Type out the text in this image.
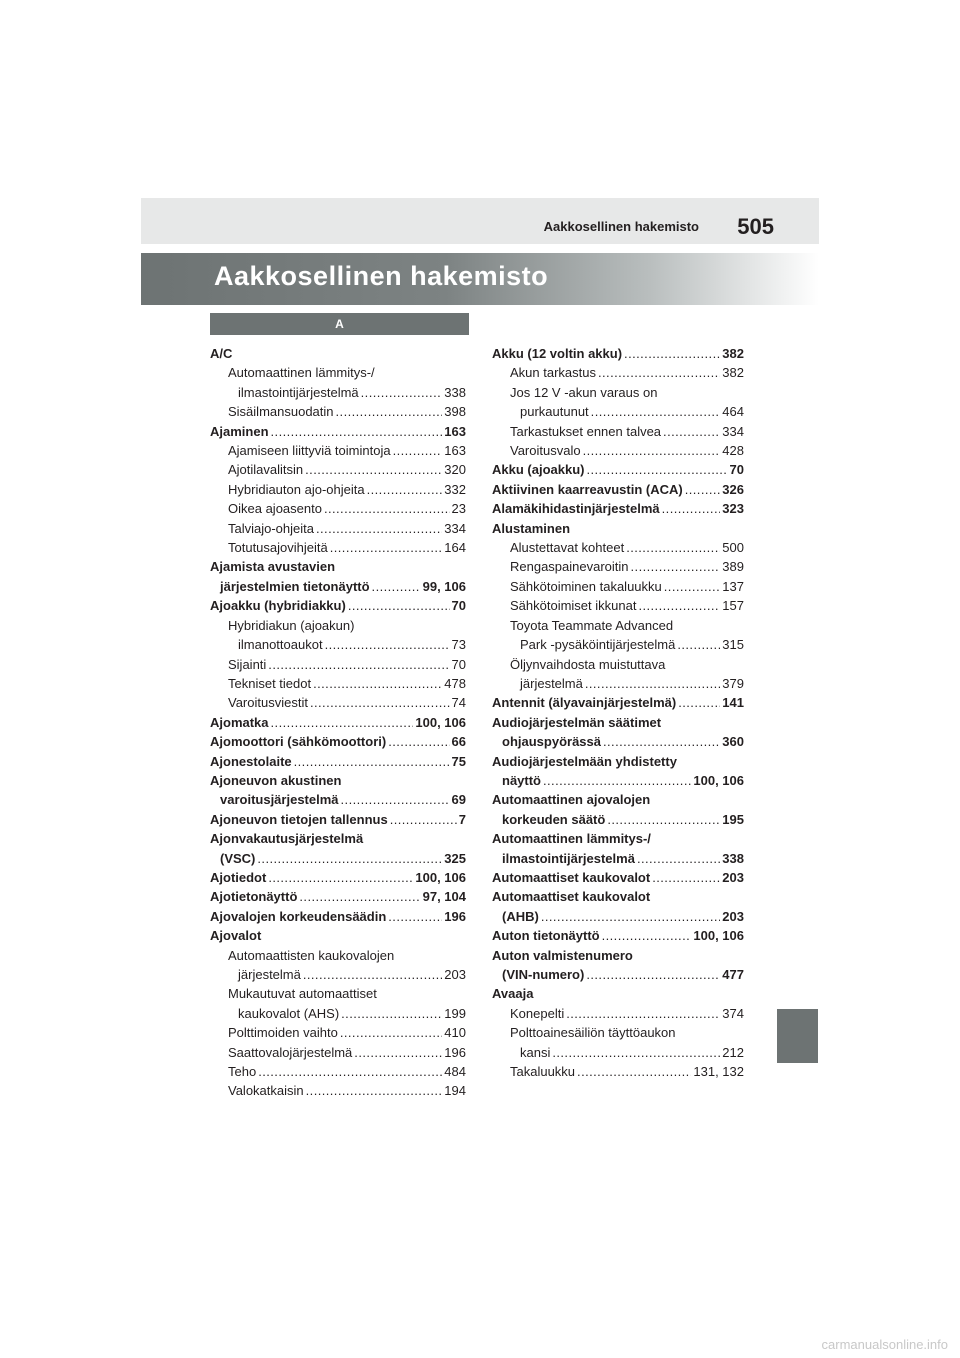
Aakkosellinen hakemisto 505
Aakkosellinen hakemisto
A
A/C
Automaattinen lämmitys-/
ilmastointijärjestelmä . . .	338
Sisäilmansuodatin . . .	398
Ajaminen . . .	163
Ajamiseen liittyviä toimintoja . . .	163
Ajotilavalitsin . . .	320
Hybridiauton ajo-ohjeita . . .	332
Oikea ajoasento . . .	23
Talviajo-ohjeita . . .	334
Totutusajovihjeitä . . .	164
Ajamista avustavien
järjestelmien tietonäyttö . . .	99, 106
Ajoakku (hybridiakku) . . .	70
Hybridiakun (ajoakun)
ilmanottoaukot . . .	73
Sijainti . . .	70
Tekniset tiedot . . .	478
Varoitusviestit . . .	74
Ajomatka . . .	100, 106
Ajomoottori (sähkömoottori) . . .	66
Ajonestolaite . . .	75
Ajoneuvon akustinen
varoitusjärjestelmä . . .	69
Ajoneuvon tietojen tallennus . . .	7
Ajonvakautusjärjestelmä
(VSC) . . .	325
Ajotiedot . . .	100, 106
Ajotietonäyttö . . .	97, 104
Ajovalojen korkeudensäädin . . .	196
Ajovalot
Automaattisten kaukovalojen
järjestelmä . . .	203
Mukautuvat automaattiset
kaukovalot (AHS) . . .	199
Polttimoiden vaihto . . .	410
Saattovalojärjestelmä . . .	196
Teho . . .	484
Valokatkaisin . . .	194
Akku (12 voltin akku) . . .	382
Akun tarkastus . . .	382
Jos 12 V -akun varaus on
purkautunut . . .	464
Tarkastukset ennen talvea . . .	334
Varoitusvalo . . .	428
Akku (ajoakku) . . .	70
Aktiivinen kaarreavustin (ACA) . . .	326
Alamäkihidastinjärjestelmä . . .	323
Alustaminen
Alustettavat kohteet . . .	500
Rengaspainevaroitin . . .	389
Sähkötoiminen takaluukku . . .	137
Sähkötoimiset ikkunat . . .	157
Toyota Teammate Advanced
Park -pysäköintijärjestelmä . . .	315
Öljynvaihdosta muistuttava
järjestelmä . . .	379
Antennit (älyavainjärjestelmä) . . .	141
Audiojärjestelmän säätimet
ohjauspyörässä . . .	360
Audiojärjestelmään yhdistetty
näyttö . . .	100, 106
Automaattinen ajovalojen
korkeuden säätö . . .	195
Automaattinen lämmitys-/
ilmastointijärjestelmä . . .	338
Automaattiset kaukovalot . . .	203
Automaattiset kaukovalot
(AHB) . . .	203
Auton tietonäyttö . . .	100, 106
Auton valmistenumero
(VIN-numero) . . .	477
Avaaja
Konepelti . . .	374
Polttoainesäiliön täyttöaukon
kansi . . .	212
Takaluukku . . .	131, 132
carmanualsonline.info
